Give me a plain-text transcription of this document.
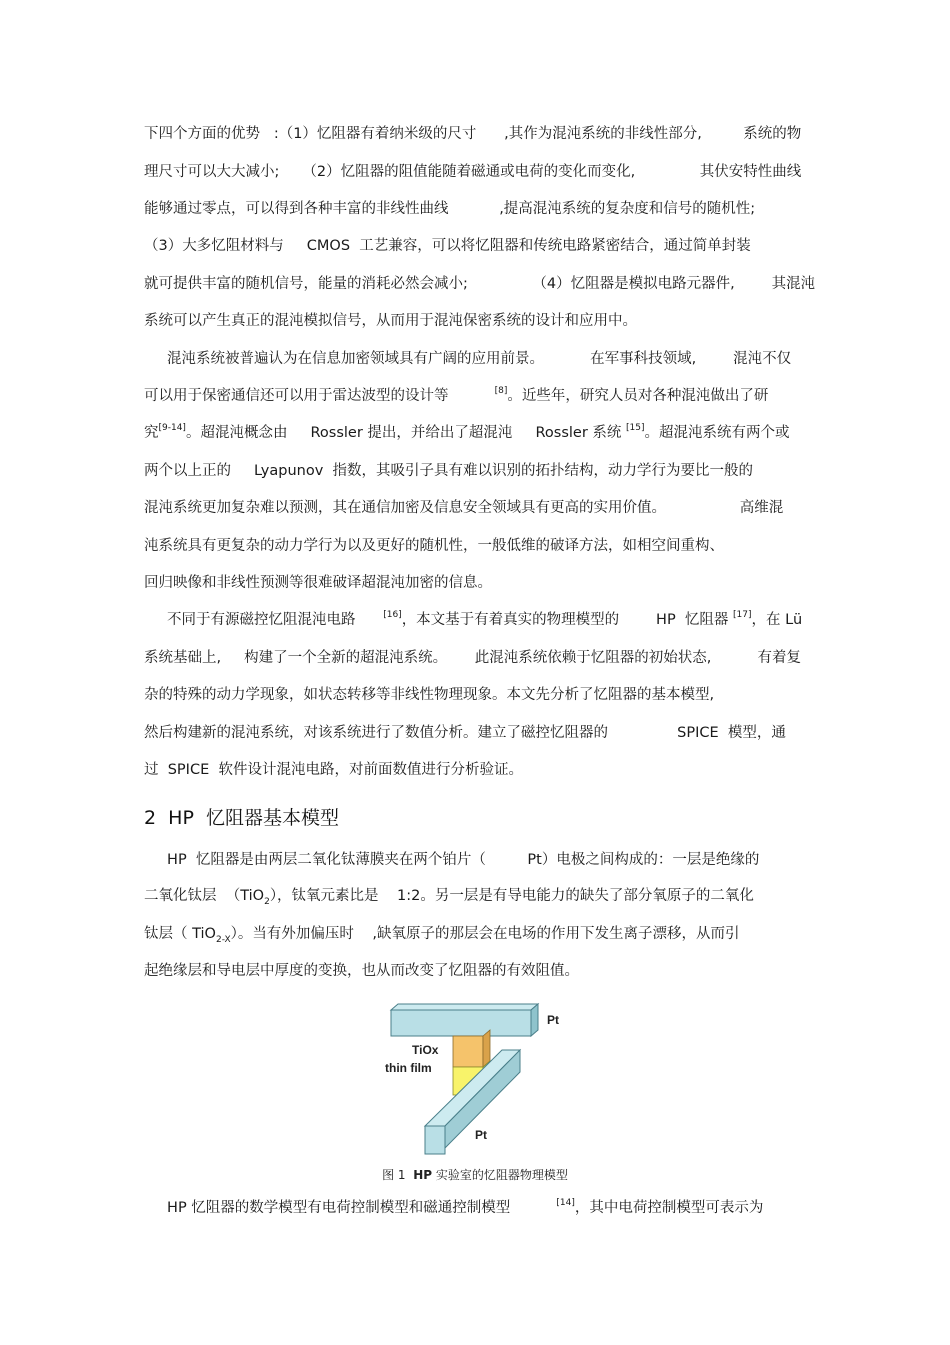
下四个方面的优势   :（1）忆阻器有着纳米级的尺寸      ,其作为混沌系统的非线性部分,         系统的物
理尺寸可以大大减小;     （2）忆阻器的阻值能随着磁通或电荷的变化而变化,              其伏安特性曲线
能够通过零点，可以得到各种丰富的非线性曲线           ,提高混沌系统的复杂度和信号的随机性;
（3）大多忆阻材料与     CMOS  工艺兼容，可以将忆阻器和传统电路紧密结合，通过简单封装
就可提供丰富的随机信号，能量的消耗必然会减小;              （4）忆阻器是模拟电路元器件,        其混沌
系统可以产生真正的混沌模拟信号，从而用于混沌保密系统的设计和应用中。
混沌系统被普遍认为在信息加密领域具有广阔的应用前景。          在军事科技领域,        混沌不仅
可以用于保密通信还可以用于雷达波型的设计等          [8]。近些年，研究人员对各种混沌做出了研
究[9-14]。超混沌概念由     Rossler 提出，并给出了超混沌     Rossler 系统 [15]。超混沌系统有两个或
两个以上正的     Lyapunov  指数，其吸引子具有难以识别的拓扑结构，动力学行为要比一般的
混沌系统更加复杂难以预测，其在通信加密及信息安全领域具有更高的实用价值。                高维混
沌系统具有更复杂的动力学行为以及更好的随机性，一般低维的破译方法，如相空间重构、
回归映像和非线性预测等很难破译超混沌加密的信息。
不同于有源磁控忆阻混沌电路      [16]，本文基于有着真实的物理模型的        HP  忆阻器 [17]，在 Lü
系统基础上,     构建了一个全新的超混沌系统。      此混沌系统依赖于忆阻器的初始状态,          有着复
杂的特殊的动力学现象，如状态转移等非线性物理现象。本文先分析了忆阻器的基本模型,
然后构建新的混沌系统，对该系统进行了数值分析。建立了磁控忆阻器的               SPICE  模型，通
过  SPICE  软件设计混沌电路，对前面数值进行分析验证。
2  HP  忆阻器基本模型
HP  忆阻器是由两层二氧化钛薄膜夹在两个铂片（         Pt）电极之间构成的：一层是绝缘的
二氧化钛层  （TiO$_2$），钛氧元素比是    1:2。另一层是有导电能力的缺失了部分氧原子的二氧化
钛层（ TiO$_{2-X}$）。当有外加偏压时    ,缺氧原子的那层会在电场的作用下发生离子漂移，从而引
起绝缘层和导电层中厚度的变换，也从而改变了忆阻器的有效阻值。
Pt
TiOx
thin film
Pt
图 1  HP 实验室的忆阻器物理模型
HP 忆阻器的数学模型有电荷控制模型和磁通控制模型          [14]，其中电荷控制模型可表示为
